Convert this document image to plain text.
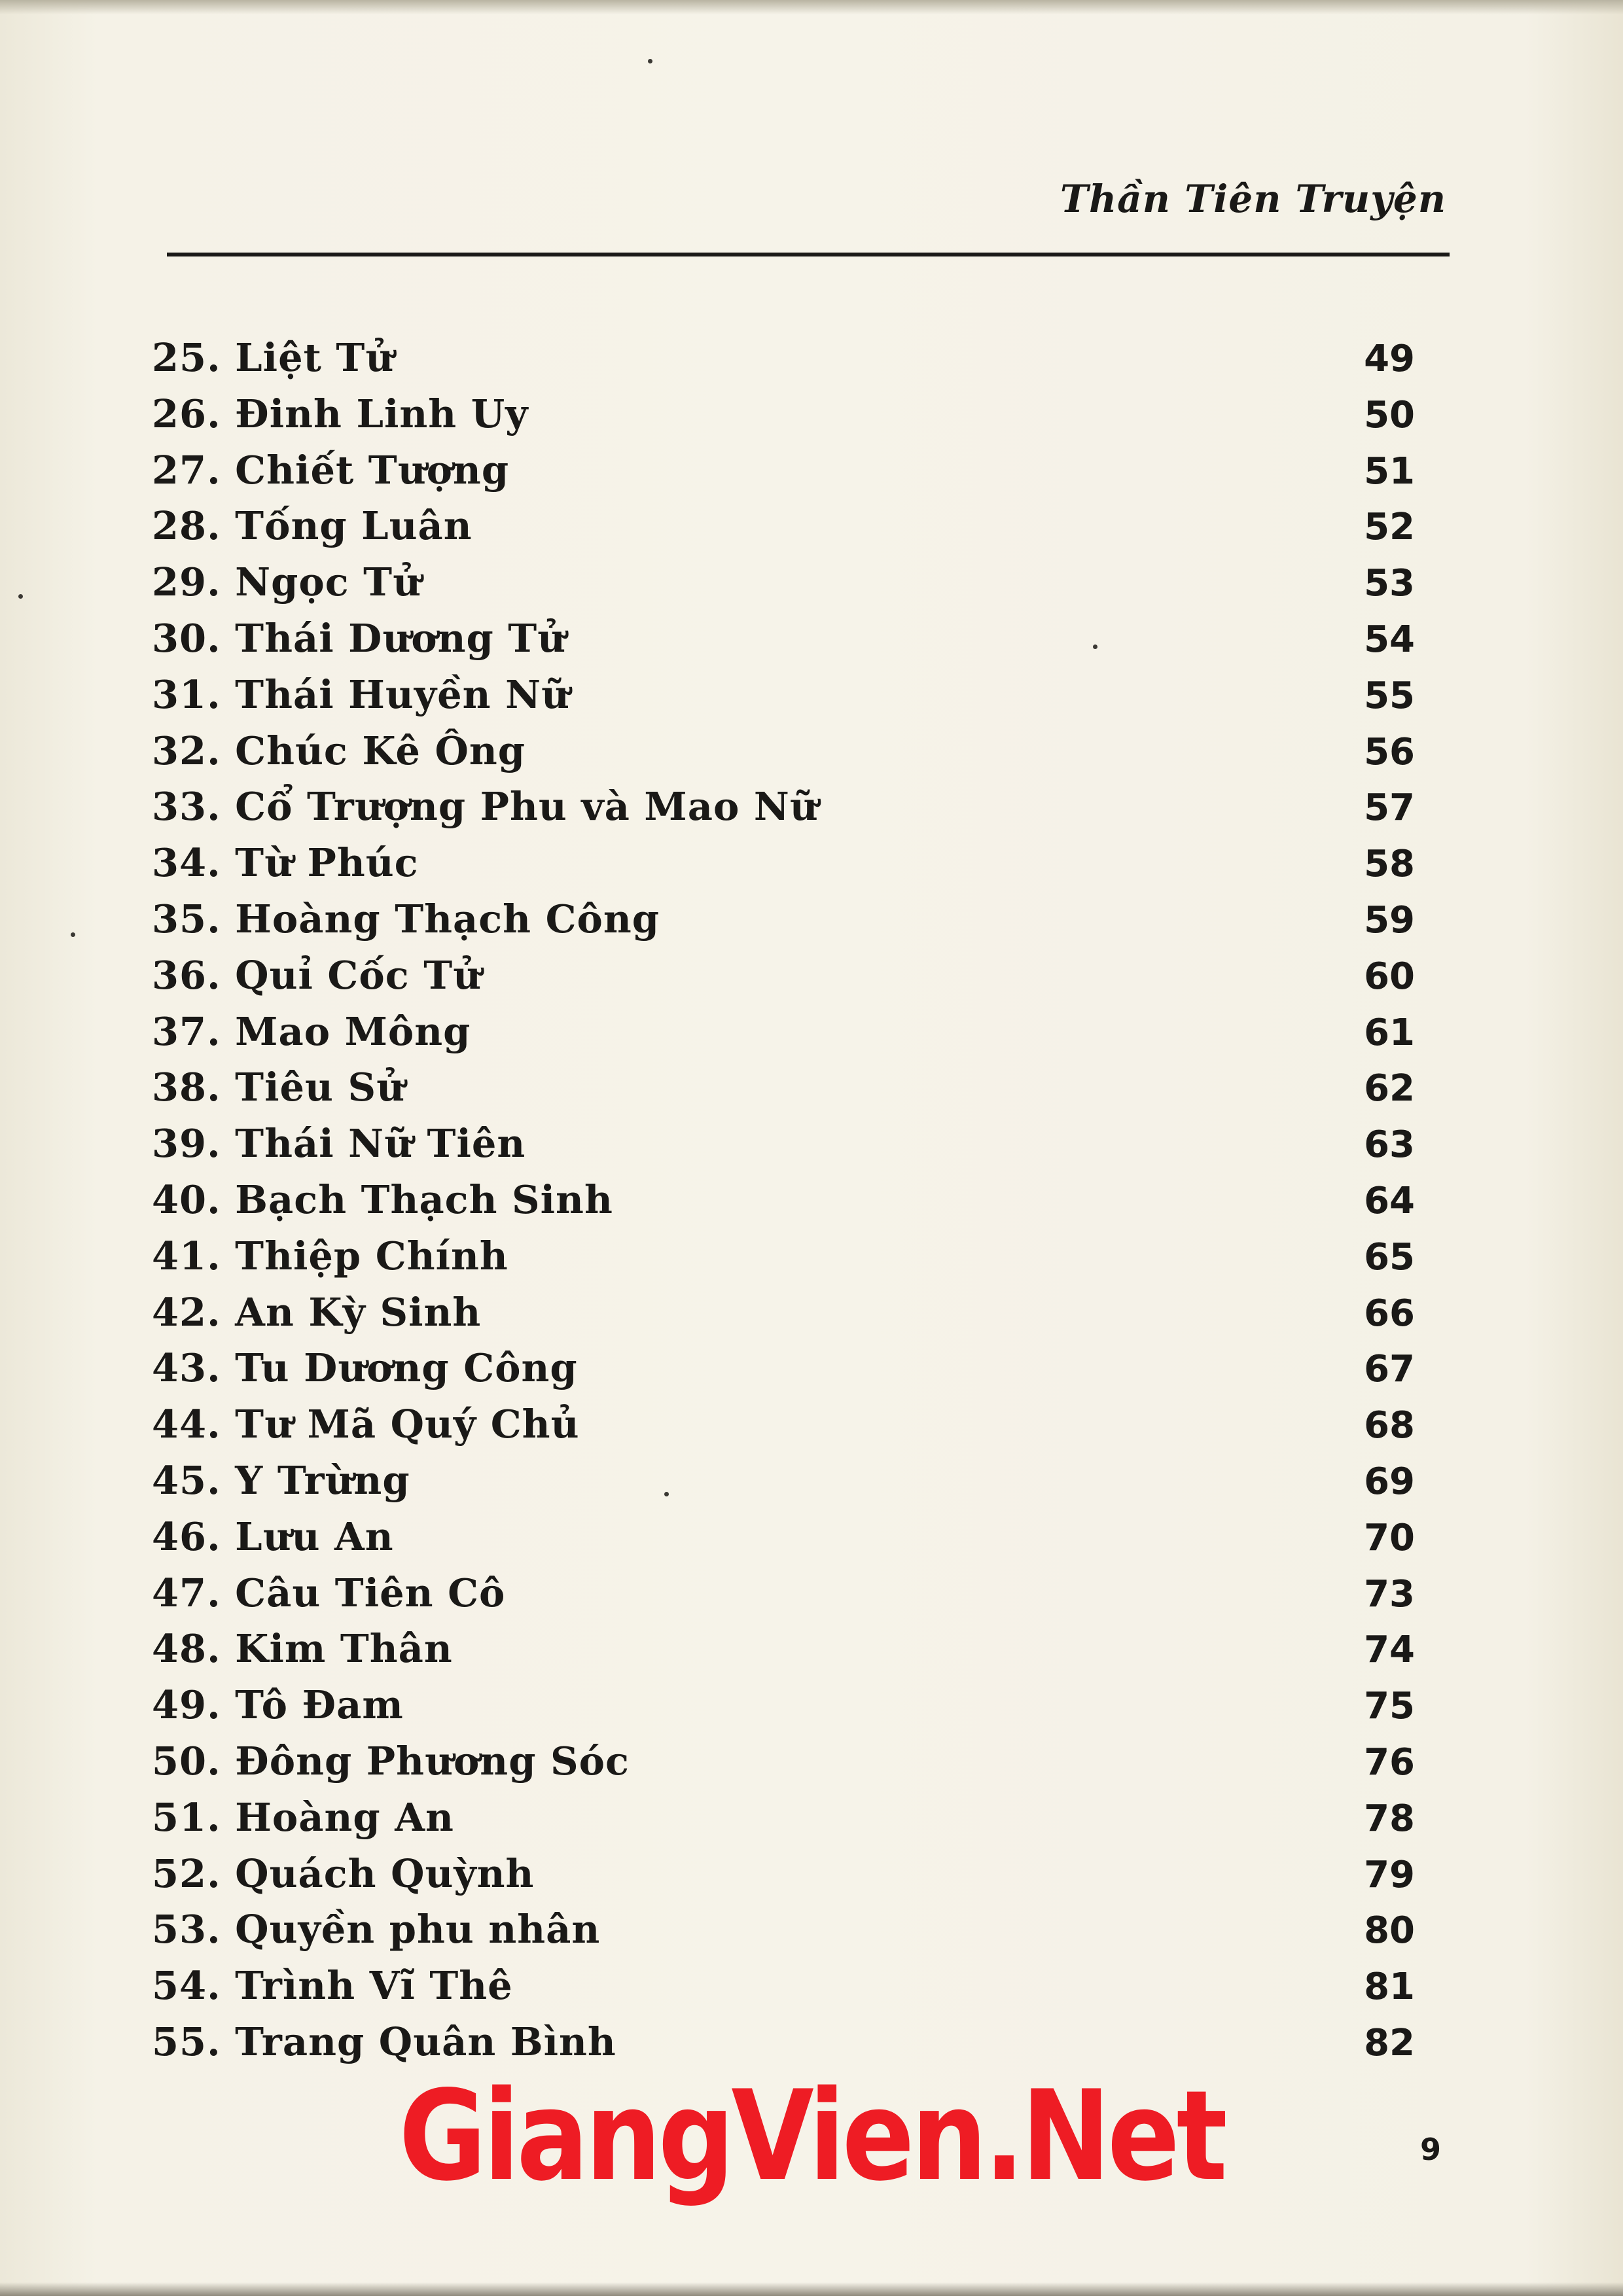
Thần Tiên Truyện
25. Liệt Tử	49
26. Đinh Linh Uy	50
27. Chiết Tượng	51
28. Tống Luân	52
29. Ngọc Tử	53
30. Thái Dương Tử	54
31. Thái Huyền Nữ	55
32. Chúc Kê Ông	56
33. Cổ Trượng Phu và Mao Nữ	57
34. Từ Phúc	58
35. Hoàng Thạch Công	59
36. Quỉ Cốc Tử	60
37. Mao Mông	61
38. Tiêu Sử	62
39. Thái Nữ Tiên	63
40. Bạch Thạch Sinh	64
41. Thiệp Chính	65
42. An Kỳ Sinh	66
43. Tu Dương Công	67
44. Tư Mã Quý Chủ	68
45. Y Trừng	69
46. Lưu An	70
47. Câu Tiên Cô	73
48. Kim Thân	74
49. Tô Đam	75
50. Đông Phương Sóc	76
51. Hoàng An	78
52. Quách Quỳnh	79
53. Quyền phu nhân	80
54. Trình Vĩ Thê	81
55. Trang Quân Bình	82
GiangVien.Net	9
